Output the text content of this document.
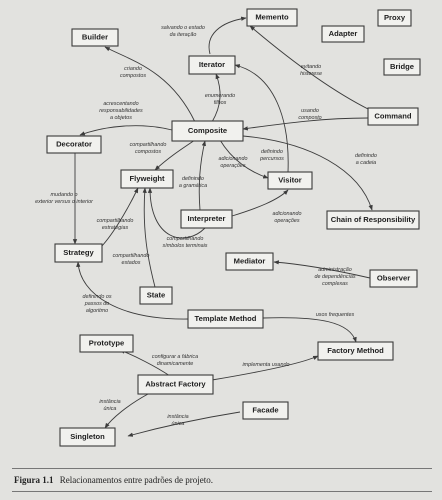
salvando o estado da iteração
evitando histerese
criando compostos
enumerando filhos
acrescentando responsabilidades a objetos
usando composto
compartilhando compostos
adicionando operações
definindo percursos	definindo a cadeia
definindo a gramática
adicionando operações
mudando o exterior versus o interior
compartilhando estratégias
compartilhando estados
compartilhando símbolos terminais
administração de dependências complexas
definindo os passos do algoritmo
usos frequentes
configurar a fábrica dinamicamente	implementa usando
instância única
instância única
Memento	Proxy
Builder	Adapter
Iterator	Bridge
Command
Decorator
Composite
Flyweight	Visitor
Interpreter	Chain of Responsibility
Strategy
Mediator
Observer
State
Template Method
Prototype
Factory Method
Abstract Factory
Facade
Singleton
Figura 1.1 Relacionamentos entre padrões de projeto.
